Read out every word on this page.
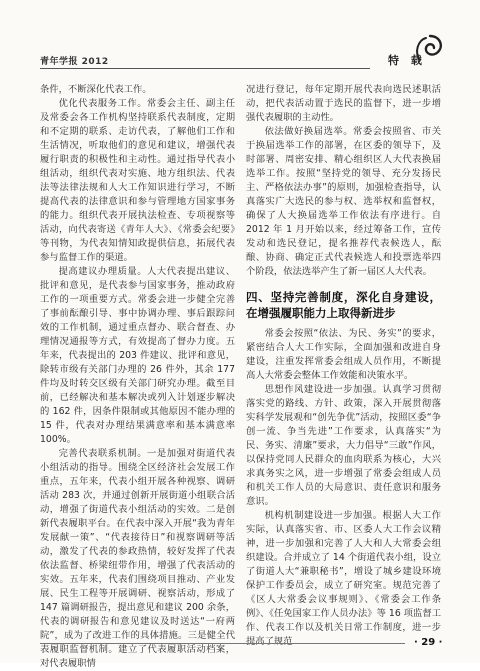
青年学报 2012	特 载

条件，不断深化代表工作。

优化代表服务工作。常委会主任、副主任及常委会各工作机构坚持联系代表制度，定期和不定期的联系、走访代表，了解他们工作和生活情况，听取他们的意见和建议，增强代表履行职责的积极性和主动性。通过指导代表小组活动，组织代表对实施、地方组织法、代表法等法律法规和人大工作知识进行学习，不断提高代表的法律意识和参与管理地方国家事务的能力。组织代表开展执法检查、专项视察等活动，向代表寄送《青年人大》、《常委会纪要》等刊物，为代表知情知政提供信息，拓展代表参与监督工作的渠道。

提高建议办理质量。人大代表提出建议、批评和意见，是代表参与国家事务，推动政府工作的一项重要方式。常委会进一步健全完善了事前酝酿引导、事中协调办理、事后跟踪问效的工作机制，通过重点督办、联合督查、办理情况通报等方式，有效提高了督办力度。五年来，代表提出的 203 件建议、批评和意见，除转市级有关部门办理的 26 件外，其余 177 件均及时转交区级有关部门研究办理。截至目前，已经解决和基本解决或列入计划逐步解决的 162 件，因条件限制或其他原因不能办理的 15 件，代表对办理结果满意率和基本满意率 100%。

完善代表联系机制。一是加强对街道代表小组活动的指导。围绕全区经济社会发展工作重点，五年来，代表小组开展各种视察、调研活动 283 次，并通过创新开展街道小组联合活动，增强了街道代表小组活动的实效。二是创新代表履职平台。在代表中深入开展“我为青年发展献一策”、“代表接待日”和视察调研等活动，激发了代表的参政热情，较好发挥了代表依法监督、桥梁纽带作用，增强了代表活动的实效。五年来，代表们围绕项目推动、产业发展、民生工程等开展调研、视察活动，形成了 147 篇调研报告，提出意见和建议 200 余条，代表的调研报告和意见建议及时送达“一府两院”，成为了改进工作的具体措施。三是健全代表履职监督机制。建立了代表履职活动档案，对代表履职情

况进行登记，每年定期开展代表向选民述职活动，把代表活动置于选民的监督下，进一步增强代表履职的主动性。

依法做好换届选举。常委会按照省、市关于换届选举工作的部署，在区委的领导下，及时部署、周密安排、精心组织区人大代表换届选举工作。按照“坚持党的领导、充分发扬民主、严格依法办事”的原则，加强检查指导，认真落实广大选民的参与权、选举权和监督权，确保了人大换届选举工作依法有序进行。自 2012 年 1 月开始以来，经过筹备工作，宣传发动和选民登记，提名推荐代表候选人，酝酿、协商、确定正式代表候选人和投票选举四个阶段，依法选举产生了新一届区人大代表。

四、坚持完善制度，深化自身建设，在增强履职能力上取得新进步

常委会按照“依法、为民、务实”的要求，紧密结合人大工作实际，全面加强和改进自身建设，注重发挥常委会组成人员作用，不断提高人大常委会整体工作效能和决策水平。

思想作风建设进一步加强。认真学习贯彻落实党的路线、方针、政策，深入开展贯彻落实科学发展观和“创先争优”活动，按照区委“争创一流、争当先进”工作要求，认真落实“为民、务实、清廉”要求，大力倡导“三敢”作风，以保持党同人民群众的血肉联系为核心，大兴求真务实之风，进一步增强了常委会组成人员和机关工作人员的大局意识、责任意识和服务意识。

机构机制建设进一步加强。根据人大工作实际，认真落实省、市、区委人大工作会议精神，进一步加强和完善了人大和人大常委会组织建设。合并成立了 14 个街道代表小组，设立了街道人大“兼职秘书”，增设了城乡建设环境保护工作委员会，成立了研究室。规范完善了《区人大常委会议事规则》、《常委会工作条例》、《任免国家工作人员办法》等 16 项监督工作、代表工作以及机关日常工作制度，进一步提高了规范	· 29 ·
